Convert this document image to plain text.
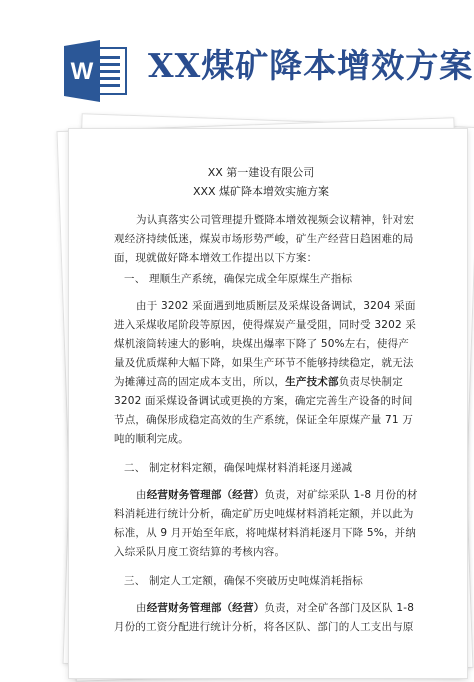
W XX煤矿降本增效方案

XX 第一建设有限公司

XXX 煤矿降本增效实施方案

为认真落实公司管理提升暨降本增效视频会议精神，针对宏

观经济持续低迷，煤炭市场形势严峻，矿生产经营日趋困难的局

面，现就做好降本增效工作提出以下方案：

一、 理顺生产系统，确保完成全年原煤生产指标

由于 3202 采面遇到地质断层及采煤设备调试，3204 采面

进入采煤收尾阶段等原因，使得煤炭产量受阻，同时受 3202 采

煤机滚筒转速大的影响，块煤出爆率下降了 50%左右，使得产

量及优质煤种大幅下降，如果生产环节不能够持续稳定，就无法

为摊薄过高的固定成本支出，所以，生产技术部负责尽快制定

3202 面采煤设备调试或更换的方案，确定完善生产设备的时间

节点，确保形成稳定高效的生产系统，保证全年原煤产量 71 万

吨的顺利完成。

二、 制定材料定额，确保吨煤材料消耗逐月递减

由经营财务管理部（经营）负责，对矿综采队 1-8 月份的材

料消耗进行统计分析，确定矿历史吨煤材料消耗定额，并以此为

标准，从 9 月开始至年底，将吨煤材料消耗逐月下降 5%，并纳

入综采队月度工资结算的考核内容。

三、 制定人工定额，确保不突破历史吨煤消耗指标

由经营财务管理部（经营）负责，对全矿各部门及区队 1-8

月份的工资分配进行统计分析，将各区队、部门的人工支出与原
